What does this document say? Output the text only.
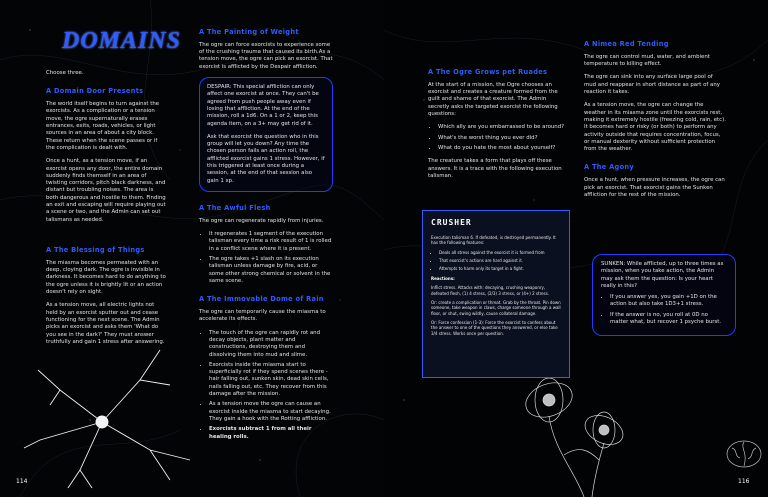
DOMAINS

Choose three.

A Domain Door Presents

The world itself begins to turn against the exorcists. As a complication or a tension move, the ogre supernaturally erases entrances, exits, roads, vehicles, or light sources in an area of about a city block. These return when the scene passes or if the complication is dealt with.

Once a hunt, as a tension move, if an exorcist opens any door, the entire domain suddenly finds themself in an area of twisting corridors, pitch black darkness, and distant but troubling noises. The area is both dangerous and hostile to them. Finding an exit and escaping will require playing out a scene or two, and the Admin can set out talismans as needed.

A The Blessing of Things

The miasma becomes permeated with an deep, cloying dark. The ogre is invisible in darkness. It becomes hard to do anything to the ogre unless it is brightly lit or an action doesn't rely on sight.

As a tension move, all electric lights not held by an exorcist sputter out and cease functioning for the next scene. The Admin picks an exorcist and asks them 'What do you see in the dark?' They must answer truthfully and gain 1 stress after answering.

A The Painting of Weight

The ogre can force exorcists to experience some of the crushing trauma that caused its birth.As a tension move, the ogre can pick an exorcist. That exorcist is afflicted by the Despair affliction.

DESPAIR: This special affliction can only affect one exorcist at once. They can't be agreed from push people away even if losing that affliction. At the end of the mission, roll a 1d6. On a 1 or 2, keep this agenda item, on a 3+ may get rid of it.

Ask that exorcist the question who in this group will let you down? Any time the chosen person fails an action roll, the afflicted exorcist gains 1 stress. However, if this triggered at least once during a session, at the end of that session also gain 1 xp.

A The Awful Flesh

The ogre can regenerate rapidly from injuries.

• It regenerates 1 segment of the execution talisman every time a risk result of 1 is rolled in a conflict scene where it is present.
• The ogre takes +1 slash on its execution talisman unless damage by fire, acid, or some other strong chemical or solvent in the same scene.
A The Immovable Dome of Rain

The ogre can temporarily cause the miasma to accelerate its effects.

• The touch of the ogre can rapidly rot and decay objects, plant matter and constructions, destroying them and dissolving them into mud and slime.
• Exorcists inside the miasma start to superficially rot if they spend scenes there - hair falling out, sunken skin, dead skin cells, nails falling out, etc. They recover from this damage after the mission.
• As a tension move the ogre can cause an exorcist inside the miasma to start decaying. They gain a hook with the Rotting affliction.
• Exorcists subtract 1 from all their healing rolls.
114
A The Ogre Grows pet Ruades

At the start of a mission, the Ogre chooses an exorcist and creates a creature formed from the guilt and shame of that exorcist. The Admin secretly asks the targeted exorcist the following questions:

• Which ally are you embarrassed to be around?
• What's the worst thing you ever did?
• What do you hate the most about yourself?

The creature takes a form that plays off these answers. It is a trace with the following execution talisman.

A Nimea Red Tending

The ogre can control mud, water, and ambient temperature to killing effect.

The ogre can sink into any surface large pool of mud and reappear in short distance as part of any reaction it takes.

As a tension move, the ogre can change the weather in its miasma zone until the exorcists rest, making it extremely hostile (freezing cold, rain, etc). It becomes hard or risky (or both) to perform any activity outside that requires concentration, focus, or manual dexterity without sufficient protection from the weather.

A The Agony

Once a hunt, when pressure increases, the ogre can pick an exorcist. That exorcist gains the Sunken affliction for the rest of the mission.

116
CRUSHER

Execution talisman 6. If defeated, is destroyed permanently. It has the following features:

• Deals all stress against the exorcist it is formed from
• That exorcist's actions are hard against it.
• Attempts to harm only its target in a fight.

Reactions:

Inflict stress. Attacks with: decaying, crushing weaponry, defeated flesh, (1) 4 stress, (2/3) 3 stress, or (4+) 2 stress.

Or: create a complication or threat. Grab by the throat. Pin down someone, take weapon in claws, charge someone through a wall floor, or shut, swing wildly, cause collateral damage.

Or: Force confession (1-3): Force the exorcist to confess about the answer to one of the questions they answered, or else take 3/4 stress. Works once per question.

SUNKEN: While afflicted, up to three times as mission, when you take action, the Admin may ask them the question: Is your heart really in this?

• If you answer yes, you gain +1D on the action but also take 1D3+1 stress.
• If the answer is no, you roll at 0D no matter what, but recover 1 psyche burst.
